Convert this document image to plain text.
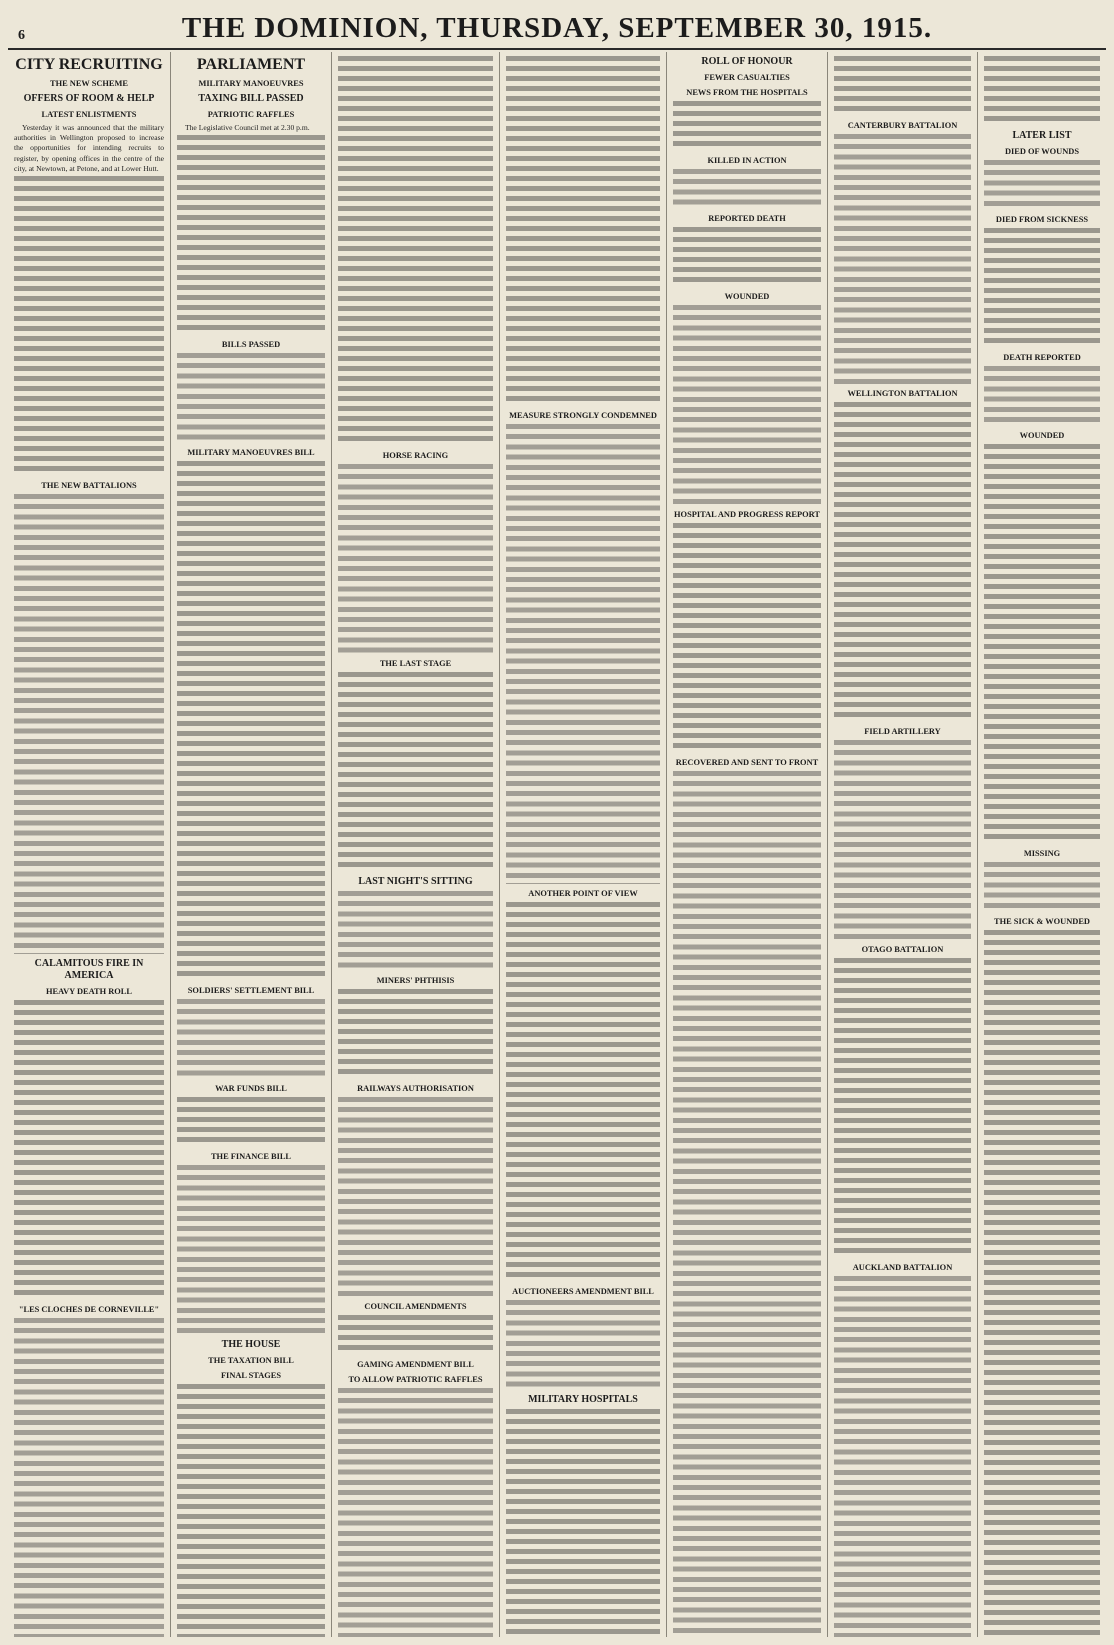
6	THE DOMINION, THURSDAY, SEPTEMBER 30, 1915.
CITY RECRUITING
THE NEW SCHEME
OFFERS OF ROOM & HELP
LATEST ENLISTMENTS

Yesterday it was announced that the military authorities in Wellington proposed to increase the opportunities for intending recruits to register, by opening offices in the centre of the city, at Newtown, at Petone, and at Lower Hutt.

THE NEW BATTALIONS
CALAMITOUS FIRE IN AMERICA
HEAVY DEATH ROLL
"LES CLOCHES DE CORNEVILLE"
PARLIAMENT
MILITARY MANOEUVRES
TAXING BILL PASSED
PATRIOTIC RAFFLES

The Legislative Council met at 2.30 p.m.

BILLS PASSED
MILITARY MANOEUVRES BILL
SOLDIERS' SETTLEMENT BILL
WAR FUNDS BILL
THE FINANCE BILL
THE HOUSE
THE TAXATION BILL
FINAL STAGES
HORSE RACING
THE LAST STAGE
LAST NIGHT'S SITTING
MINERS' PHTHISIS
RAILWAYS AUTHORISATION
COUNCIL AMENDMENTS
GAMING AMENDMENT BILL
TO ALLOW PATRIOTIC RAFFLES
MEASURE STRONGLY CONDEMNED
ANOTHER POINT OF VIEW
AUCTIONEERS AMENDMENT BILL
MILITARY HOSPITALS
ROLL OF HONOUR
FEWER CASUALTIES
NEWS FROM THE HOSPITALS
KILLED IN ACTION
REPORTED DEATH
WOUNDED
HOSPITAL AND PROGRESS REPORT
RECOVERED AND SENT TO FRONT
CANTERBURY BATTALION
WELLINGTON BATTALION
FIELD ARTILLERY
OTAGO BATTALION
AUCKLAND BATTALION
LATER LIST
DIED OF WOUNDS
DIED FROM SICKNESS
DEATH REPORTED
WOUNDED
MISSING
THE SICK & WOUNDED
